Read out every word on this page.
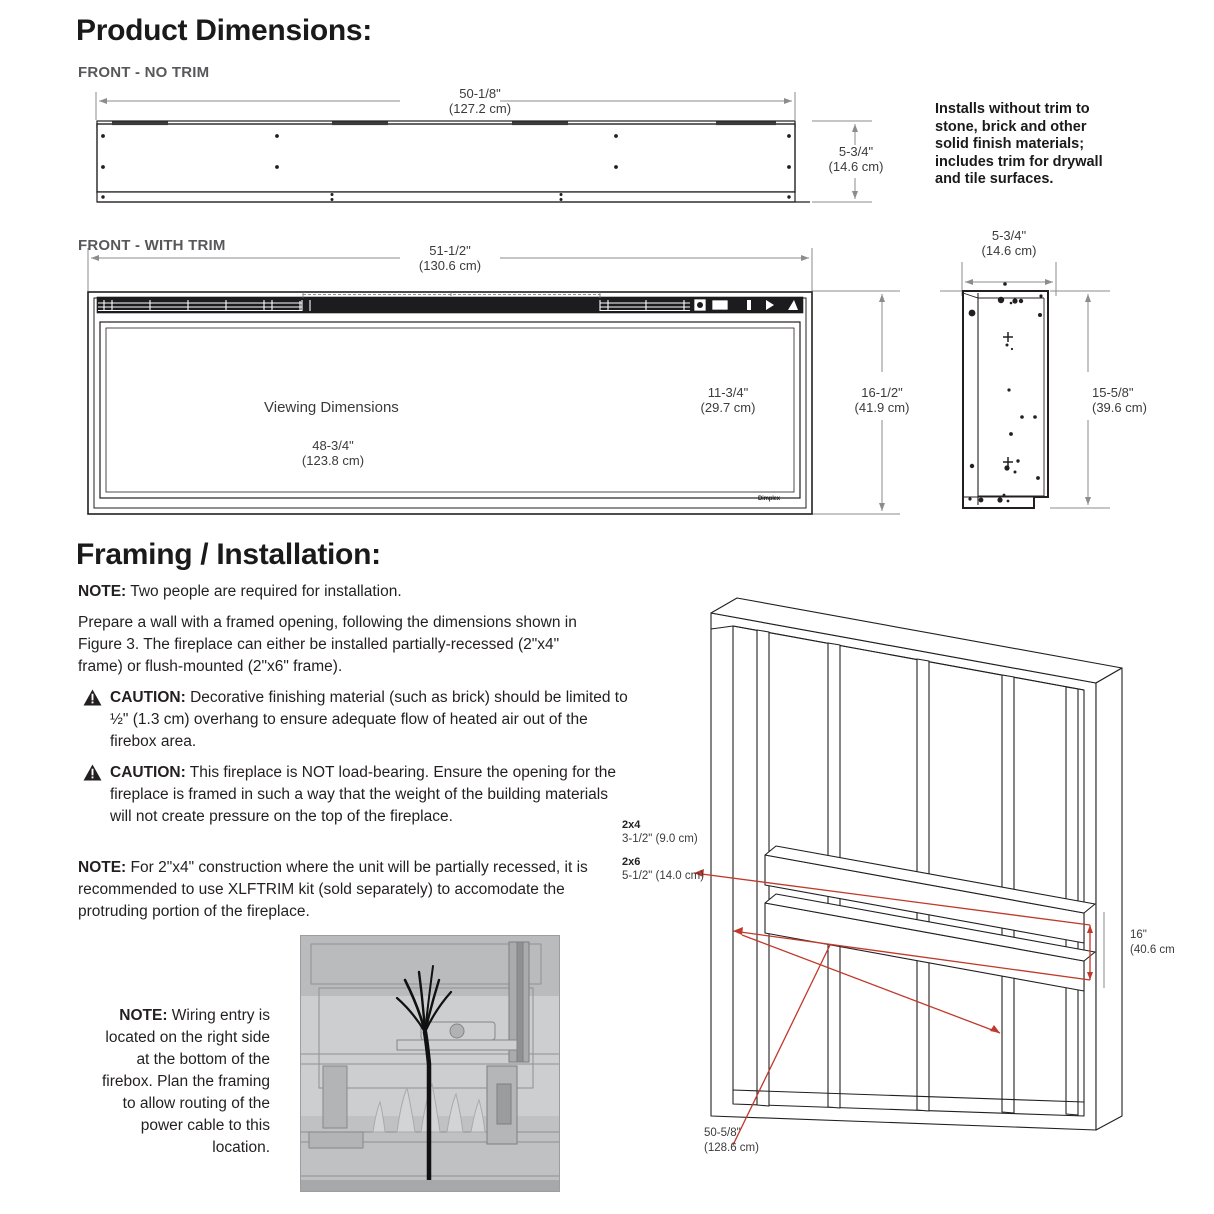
Product Dimensions:
FRONT - NO TRIM
50-1/8"
(127.2 cm)
5-3/4"
(14.6 cm)
Installs without trim to
stone, brick and other
solid finish materials;
includes trim for drywall
and tile surfaces.
FRONT - WITH TRIM	51-1/2"
(130.6 cm)
16-1/2"
(41.9 cm)
Viewing Dimensions
48-3/4"
(123.8 cm)
11-3/4"
(29.7 cm)
Dimplex
5-3/4"
(14.6 cm)
15-5/8"
(39.6 cm)
Framing / Installation:
NOTE: Two people are required for installation.
Prepare a wall with a framed opening, following the dimensions shown in Figure 3. The fireplace can either be installed partially-recessed (2"x4" frame) or flush-mounted (2"x6" frame).
CAUTION: Decorative finishing material (such as brick) should be limited to ½" (1.3 cm) overhang to ensure adequate flow of heated air out of the firebox area.
CAUTION: This fireplace is NOT load-bearing. Ensure the opening for the fireplace is framed in such a way that the weight of the building materials will not create pressure on the top of the fireplace.
NOTE: For 2"x4" construction where the unit will be partially recessed, it is recommended to use XLFTRIM kit (sold separately) to accomodate the protruding portion of the fireplace.
NOTE: Wiring entry is located on the right side at the bottom of the firebox. Plan the framing to allow routing of the power cable to this location.
2x4
3-1/2" (9.0 cm)
2x6
5-1/2" (14.0 cm)
16"
(40.6 cm
50-5/8"
(128.6 cm)
